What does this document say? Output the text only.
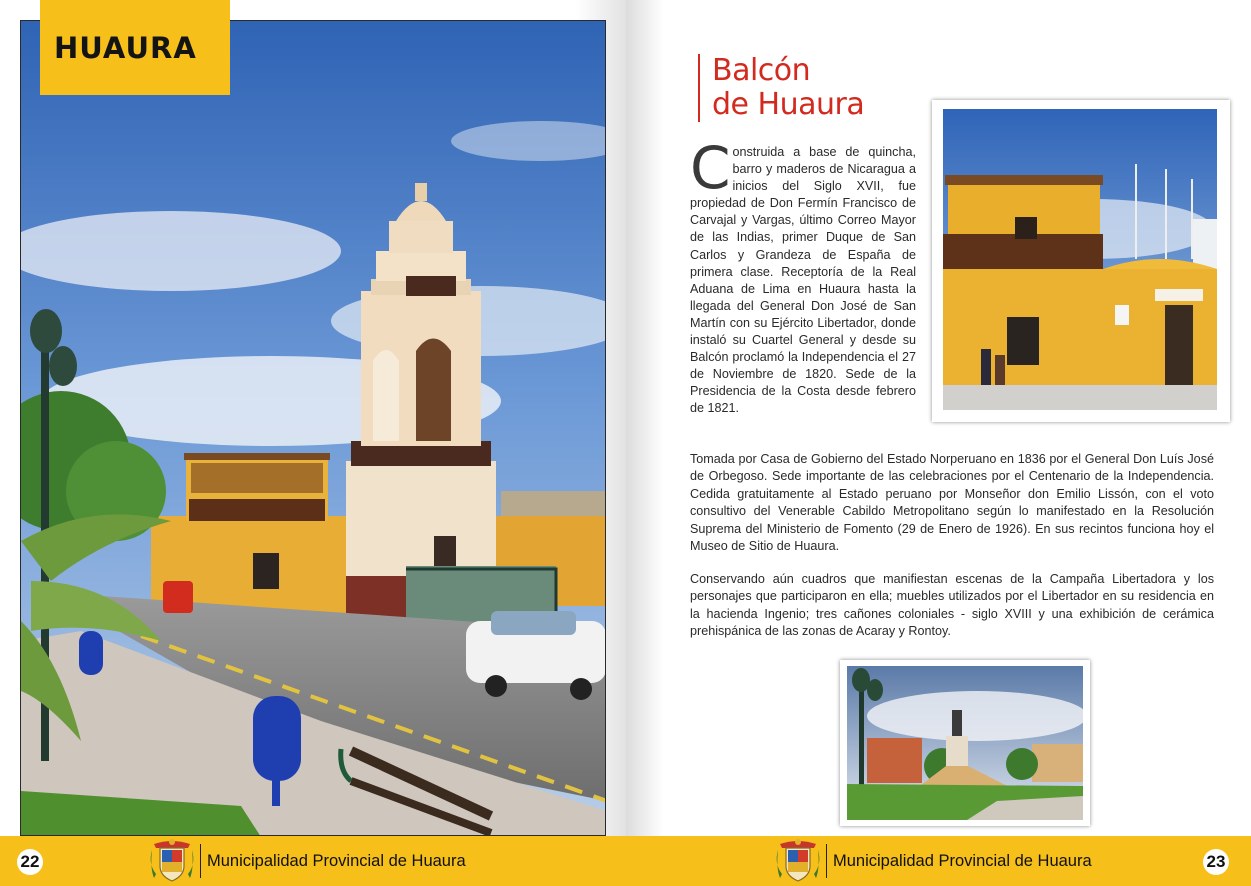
HUAURA
Balcón
de Huaura
C onstruida a base de quincha, barro y maderos de Nicaragua a inicios del Siglo XVII, fue propiedad de Don Fermín Francisco de Carvajal y Vargas, último Correo Mayor de las Indias, primer Duque de San Carlos y Grandeza de España de primera clase. Receptoría de la Real Aduana de Lima en Huaura hasta la llegada del General Don José de San Martín con su Ejército Libertador, donde instaló su Cuartel General y desde su Balcón proclamó la Independencia el 27 de Noviembre de 1820. Sede de la Presidencia de la Costa desde febrero de 1821.
Tomada por Casa de Gobierno del Estado Norperuano en 1836 por el General Don Luís José de Orbegoso. Sede importante de las celebraciones por el Centenario de la Independencia. Cedida gratuitamente al Estado peruano por Monseñor don Emilio Lissón, con el voto consultivo del Venerable Cabildo Metropolitano según lo manifestado en la Resolución Suprema del Ministerio de Fomento (29 de Enero de 1926). En sus recintos funciona hoy el Museo de Sitio de Huaura.
Conservando aún cuadros que manifiestan escenas de la Campaña Libertadora y los personajes que participaron en ella; muebles utilizados por el Libertador en su residencia en la hacienda Ingenio; tres cañones coloniales - siglo XVIII y una exhibición de cerámica prehispánica de las zonas de Acaray y Rontoy.
22	Municipalidad Provincial de Huaura	Municipalidad Provincial de Huaura	23
